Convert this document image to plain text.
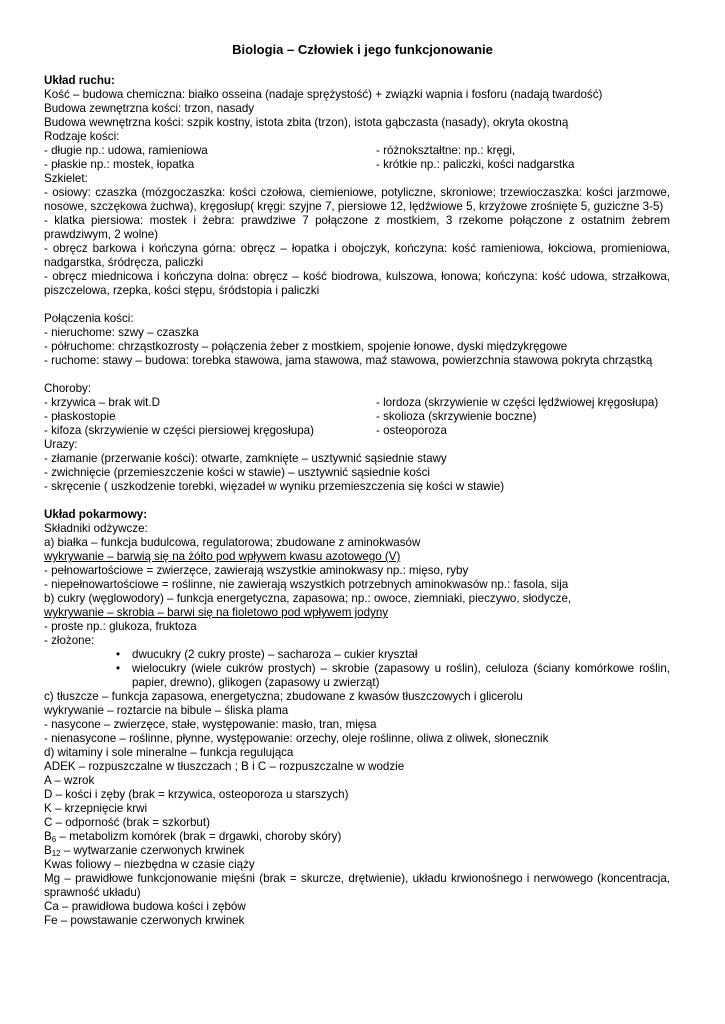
Biologia – Człowiek i jego funkcjonowanie

Układ ruchu:

Kość – budowa chemiczna: białko osseina (nadaje sprężystość) + związki wapnia i fosforu (nadają twardość)

Budowa zewnętrzna kości: trzon, nasady

Budowa wewnętrzna kości: szpik kostny, istota zbita (trzon), istota gąbczasta (nasady), okryta okostną

Rodzaje kości:

- długie np.: udowa, ramieniowa

- płaskie np.: mostek, łopatka

- różnokształtne: np.: kręgi,

- krótkie np.: paliczki, kości nadgarstka

Szkielet:

- osiowy: czaszka (mózgoczaszka: kości czołowa, ciemieniowe, potyliczne, skroniowe; trzewioczaszka: kości jarzmowe, nosowe, szczękowa żuchwa), kręgosłup( kręgi: szyjne 7, piersiowe 12, lędźwiowe 5, krzyżowe zrośnięte 5, guziczne 3-5)

- klatka piersiowa: mostek i żebra: prawdziwe 7 połączone z mostkiem, 3 rzekome połączone z ostatnim żebrem prawdziwym, 2 wolne)

- obręcz barkowa i kończyna górna: obręcz – łopatka i obojczyk, kończyna: kość ramieniowa, łokciowa, promieniowa, nadgarstka, śródręcza, paliczki

- obręcz miednicowa i kończyna dolna: obręcz – kość biodrowa, kulszowa, łonowa; kończyna: kość udowa, strzałkowa, piszczelowa, rzepka, kości stępu, śródstopia i paliczki

Połączenia kości:

- nieruchome: szwy – czaszka

- półruchome: chrząstkozrosty – połączenia żeber z mostkiem, spojenie łonowe, dyski międzykręgowe

- ruchome: stawy – budowa: torebka stawowa, jama stawowa, maź stawowa, powierzchnia stawowa pokryta chrząstką

Choroby:

- krzywica – brak wit.D

- płaskostopie

- kifoza (skrzywienie w części piersiowej kręgosłupa)

- lordoza (skrzywienie w części lędźwiowej kręgosłupa)

- skolioza (skrzywienie boczne)

- osteoporoza

Urazy:

- złamanie (przerwanie kości): otwarte, zamknięte – usztywnić sąsiednie stawy

- zwichnięcie (przemieszczenie kości w stawie) – usztywnić sąsiednie kości

- skręcenie ( uszkodzenie torebki, więzadeł w wyniku przemieszczenia się kości w stawie)

Układ pokarmowy:

Składniki odżywcze:

a) białka – funkcja budulcowa, regulatorowa; zbudowane z aminokwasów

wykrywanie – barwią się na żółto pod wpływem kwasu azotowego (V)

- pełnowartościowe = zwierzęce, zawierają wszystkie aminokwasy np.: mięso, ryby

- niepełnowartościowe = roślinne, nie zawierają wszystkich potrzebnych aminokwasów np.: fasola, sija

b) cukry (węglowodory) – funkcja energetyczna, zapasowa; np.: owoce, ziemniaki, pieczywo, słodycze,

wykrywanie – skrobia – barwi się na fioletowo pod wpływem jodyny

- proste np.: glukoza, fruktoza

- złożone:

• dwucukry (2 cukry proste) – sacharoza – cukier kryształ

• wielocukry (wiele cukrów prostych) – skrobie (zapasowy u roślin), celuloza (ściany komórkowe roślin, papier, drewno), glikogen (zapasowy u zwierząt)

c) tłuszcze – funkcja zapasowa, energetyczna; zbudowane z kwasów tłuszczowych i glicerolu

wykrywanie – roztarcie na bibule – śliska plama

- nasycone – zwierzęce, stałe, występowanie: masło, tran, mięsa

- nienasycone – roślinne, płynne, występowanie: orzechy, oleje roślinne, oliwa z oliwek, słonecznik

d) witaminy i sole mineralne – funkcja regulująca

ADEK – rozpuszczalne w tłuszczach ; B i C – rozpuszczalne w wodzie

A – wzrok

D – kości i zęby (brak = krzywica, osteoporoza u starszych)

K – krzepnięcie krwi

C – odporność (brak = szkorbut)

$B_6$ – metabolizm komórek (brak = drgawki, choroby skóry)

$B_{12}$ – wytwarzanie czerwonych krwinek

Kwas foliowy – niezbędna w czasie ciąży

Mg – prawidłowe funkcjonowanie mięśni (brak = skurcze, drętwienie), układu krwionośnego i nerwowego (koncentracja, sprawność układu)

Ca – prawidłowa budowa kości i zębów

Fe – powstawanie czerwonych krwinek
